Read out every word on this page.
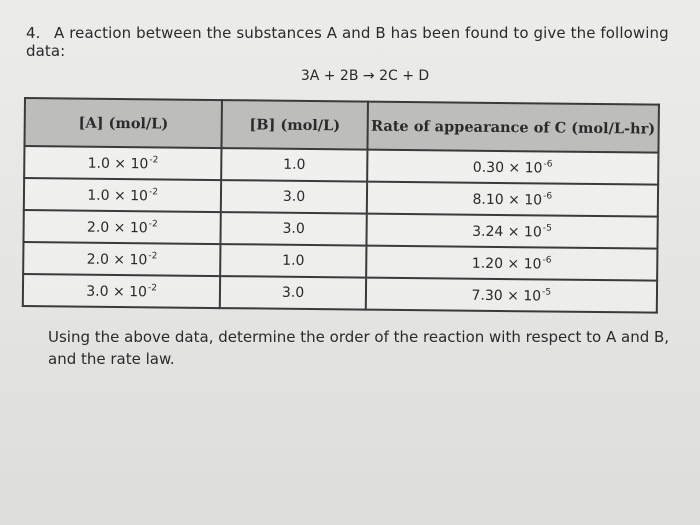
4. A reaction between the substances A and B has been found to give the following data:
3A + 2B → 2C + D
[A] (mol/L)	[B] (mol/L)	Rate of appearance of C (mol/L-hr)
$1.0 \times 10^{-2}$	1.0	$0.30 \times 10^{-6}$
$1.0 \times 10^{-2}$	3.0	$8.10 \times 10^{-6}$
$2.0 \times 10^{-2}$	3.0	$3.24 \times 10^{-5}$
$2.0 \times 10^{-2}$	1.0	$1.20 \times 10^{-6}$
$3.0 \times 10^{-2}$	3.0	$7.30 \times 10^{-5}$
Using the above data, determine the order of the reaction with respect to A and B, and the rate law.
